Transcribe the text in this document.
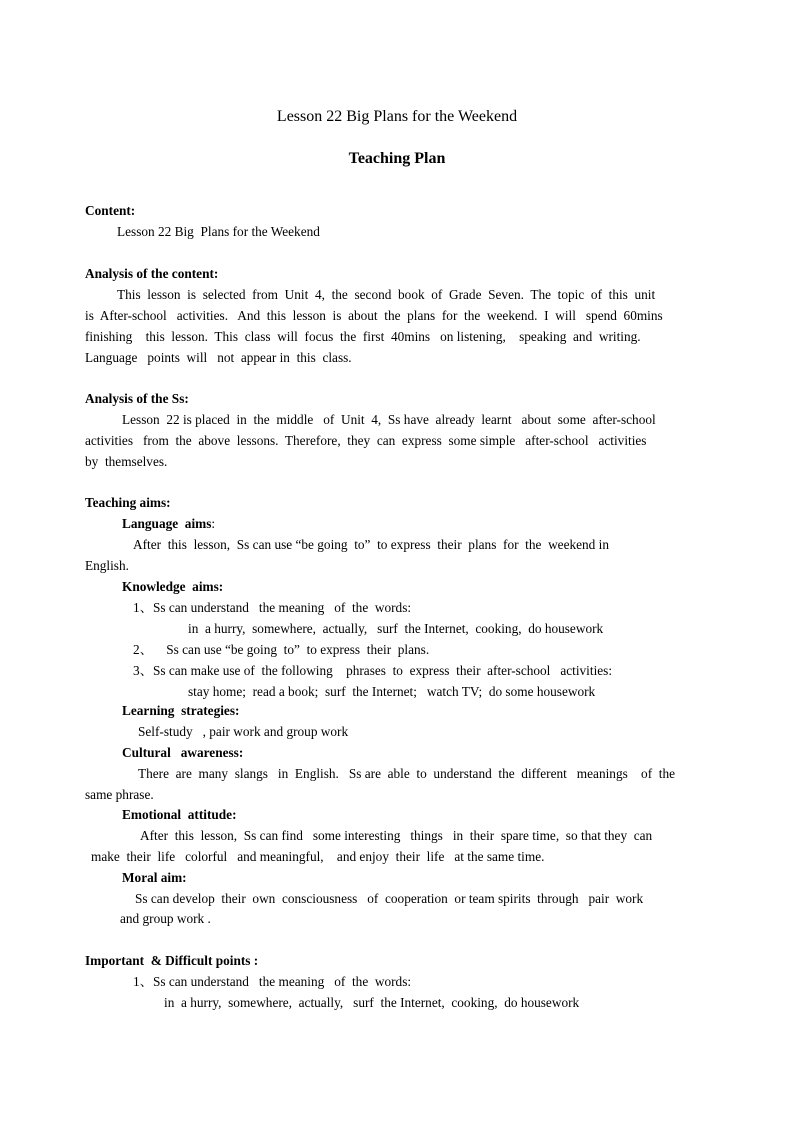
Lesson 22 Big Plans for the Weekend
Teaching Plan
Content:
Lesson 22 Big  Plans for the Weekend
Analysis of the content:
This  lesson  is  selected  from  Unit  4,  the  second  book  of  Grade  Seven.  The  topic  of  this  unit
is  After-school   activities.   And  this  lesson  is  about  the  plans  for  the  weekend.  I  will   spend  60mins
finishing    this  lesson.  This  class  will  focus  the  first  40mins   on listening,    speaking  and  writing.
Language   points  will   not  appear in  this  class.
Analysis of the Ss:
Lesson  22 is placed  in  the  middle   of  Unit  4,  Ss have  already  learnt   about  some  after-school
activities   from  the  above  lessons.  Therefore,  they  can  express  some simple   after-school   activities
by  themselves.
Teaching aims:
Language  aims:
After  this  lesson,  Ss can use “be going  to”  to express  their  plans  for  the  weekend in
English.
Knowledge  aims:
1、Ss can understand   the meaning   of  the  words:
in  a hurry,  somewhere,  actually,   surf  the Internet,  cooking,  do housework
2、    Ss can use “be going  to”  to express  their  plans.
3、Ss can make use of  the following    phrases  to  express  their  after-school   activities:
stay home;  read a book;  surf  the Internet;   watch TV;  do some housework
Learning  strategies:
Self-study   , pair work and group work
Cultural   awareness:
There  are  many  slangs   in  English.   Ss are  able  to  understand  the  different   meanings    of  the
same phrase.
Emotional  attitude:
After  this  lesson,  Ss can find   some interesting   things   in  their  spare time,  so that they  can
make  their  life   colorful   and meaningful,    and enjoy  their  life   at the same time.
Moral aim:
Ss can develop  their  own  consciousness   of  cooperation  or team spirits  through   pair  work
and group work .
Important  & Difficult points :
1、Ss can understand   the meaning   of  the  words:
in  a hurry,  somewhere,  actually,   surf  the Internet,  cooking,  do housework
